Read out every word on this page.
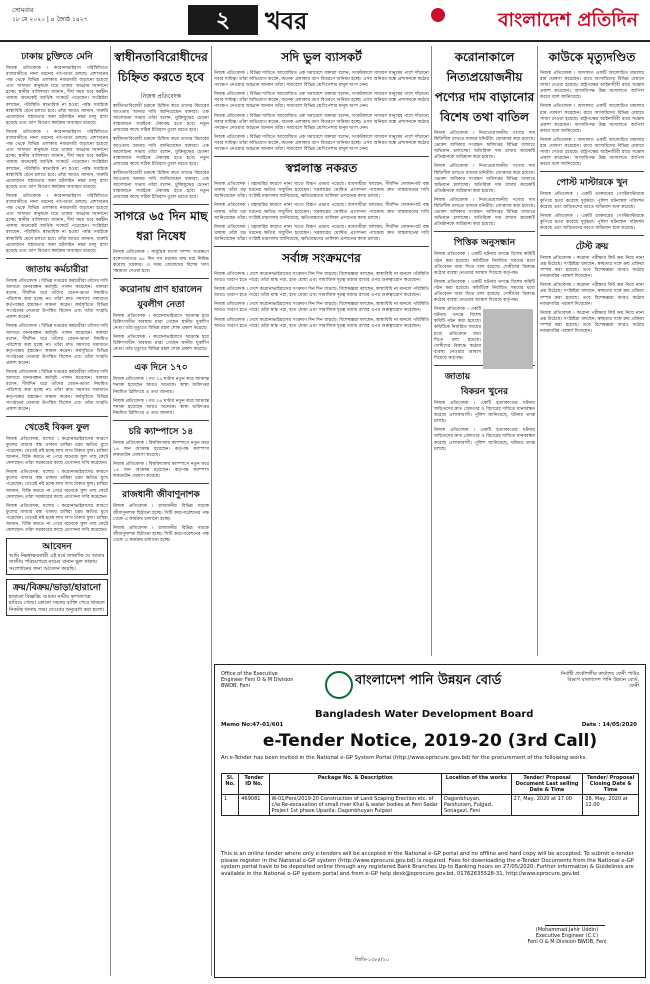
সোমবার
১৮ মে ২০২০ | ৪ জ্যৈষ্ঠ ১৪২৭	২	খবর	বাংলাদেশ প্রতিদিন
ঢাকায় চুক্তিতে মেনি

নিজস্ব প্রতিবেদক । করোনাভাইরাস পরিস্থিতিতে রাজধানীতে নানা ধরনের তৎপরতা চলছে। প্রশাসনের পক্ষ থেকে বিভিন্ন এলাকায় নজরদারি বাড়ানো হয়েছে এবং সাধারণ মানুষকে ঘরে থাকার আহ্বান জানানো হচ্ছে। স্থানীয় বাসিন্দারা জানান, দীর্ঘ সময় ধরে কর্মহীন থাকায় অনেকেই আর্থিক সংকটে পড়েছেন। সংশ্লিষ্টরা বলছেন, পরিস্থিতি স্বাভাবিক না হওয়া পর্যন্ত সবাইকে স্বাস্থ্যবিধি মেনে চলতে হবে। তাঁরা আরও জানান, জরুরি প্রয়োজনে সহায়তার জন্য হটলাইন নম্বর চালু রাখা হয়েছে এবং ত্রাণ বিতরণ কার্যক্রম অব্যাহত রয়েছে।

নিজস্ব প্রতিবেদক । করোনাভাইরাস পরিস্থিতিতে রাজধানীতে নানা ধরনের তৎপরতা চলছে। প্রশাসনের পক্ষ থেকে বিভিন্ন এলাকায় নজরদারি বাড়ানো হয়েছে এবং সাধারণ মানুষকে ঘরে থাকার আহ্বান জানানো হচ্ছে। স্থানীয় বাসিন্দারা জানান, দীর্ঘ সময় ধরে কর্মহীন থাকায় অনেকেই আর্থিক সংকটে পড়েছেন। সংশ্লিষ্টরা বলছেন, পরিস্থিতি স্বাভাবিক না হওয়া পর্যন্ত সবাইকে স্বাস্থ্যবিধি মেনে চলতে হবে। তাঁরা আরও জানান, জরুরি প্রয়োজনে সহায়তার জন্য হটলাইন নম্বর চালু রাখা হয়েছে এবং ত্রাণ বিতরণ কার্যক্রম অব্যাহত রয়েছে।

নিজস্ব প্রতিবেদক । করোনাভাইরাস পরিস্থিতিতে রাজধানীতে নানা ধরনের তৎপরতা চলছে। প্রশাসনের পক্ষ থেকে বিভিন্ন এলাকায় নজরদারি বাড়ানো হয়েছে এবং সাধারণ মানুষকে ঘরে থাকার আহ্বান জানানো হচ্ছে। স্থানীয় বাসিন্দারা জানান, দীর্ঘ সময় ধরে কর্মহীন থাকায় অনেকেই আর্থিক সংকটে পড়েছেন। সংশ্লিষ্টরা বলছেন, পরিস্থিতি স্বাভাবিক না হওয়া পর্যন্ত সবাইকে স্বাস্থ্যবিধি মেনে চলতে হবে। তাঁরা আরও জানান, জরুরি প্রয়োজনে সহায়তার জন্য হটলাইন নম্বর চালু রাখা হয়েছে এবং ত্রাণ বিতরণ কার্যক্রম অব্যাহত রয়েছে।

জাতায় কর্মচারীরা

নিজস্ব প্রতিবেদক । বিভিন্ন দপ্তরের কর্মচারীরা তাঁদের দাবি আদায়ে মানববন্ধন কর্মসূচি পালন করেছেন। বক্তারা বলেন, দীর্ঘদিন ধরে তাঁদের বেতন-ভাতা নিয়মিত পরিশোধ করা হচ্ছে না। তাঁরা দ্রুত সমস্যার সমাধানে কর্তৃপক্ষের হস্তক্ষেপ কামনা করেন। কর্মসূচিতে বিভিন্ন সংগঠনের নেতারা উপস্থিত ছিলেন এবং তাঁরা সংহতি প্রকাশ করেন।

নিজস্ব প্রতিবেদক । বিভিন্ন দপ্তরের কর্মচারীরা তাঁদের দাবি আদায়ে মানববন্ধন কর্মসূচি পালন করেছেন। বক্তারা বলেন, দীর্ঘদিন ধরে তাঁদের বেতন-ভাতা নিয়মিত পরিশোধ করা হচ্ছে না। তাঁরা দ্রুত সমস্যার সমাধানে কর্তৃপক্ষের হস্তক্ষেপ কামনা করেন। কর্মসূচিতে বিভিন্ন সংগঠনের নেতারা উপস্থিত ছিলেন এবং তাঁরা সংহতি প্রকাশ করেন।

নিজস্ব প্রতিবেদক । বিভিন্ন দপ্তরের কর্মচারীরা তাঁদের দাবি আদায়ে মানববন্ধন কর্মসূচি পালন করেছেন। বক্তারা বলেন, দীর্ঘদিন ধরে তাঁদের বেতন-ভাতা নিয়মিত পরিশোধ করা হচ্ছে না। তাঁরা দ্রুত সমস্যার সমাধানে কর্তৃপক্ষের হস্তক্ষেপ কামনা করেন। কর্মসূচিতে বিভিন্ন সংগঠনের নেতারা উপস্থিত ছিলেন এবং তাঁরা সংহতি প্রকাশ করেন।

খেতেই বিকল ফুল

নিজস্ব প্রতিবেদক, যশোর । করোনাভাইরাসের কারণে ফুলের বাজার বন্ধ থাকায় চাষিরা চরম ক্ষতির মুখে পড়েছেন। খেতেই নষ্ট হচ্ছে লাখ লাখ টাকার ফুল। চাষিরা জানান, বিক্রি করতে না পেরে অনেকে ফুল গাছ কেটে ফেলছেন। তাঁরা সরকারের কাছে প্রণোদনা দাবি করেছেন।

নিজস্ব প্রতিবেদক, যশোর । করোনাভাইরাসের কারণে ফুলের বাজার বন্ধ থাকায় চাষিরা চরম ক্ষতির মুখে পড়েছেন। খেতেই নষ্ট হচ্ছে লাখ লাখ টাকার ফুল। চাষিরা জানান, বিক্রি করতে না পেরে অনেকে ফুল গাছ কেটে ফেলছেন। তাঁরা সরকারের কাছে প্রণোদনা দাবি করেছেন।

নিজস্ব প্রতিবেদক, যশোর । করোনাভাইরাসের কারণে ফুলের বাজার বন্ধ থাকায় চাষিরা চরম ক্ষতির মুখে পড়েছেন। খেতেই নষ্ট হচ্ছে লাখ লাখ টাকার ফুল। চাষিরা জানান, বিক্রি করতে না পেরে অনেকে ফুল গাছ কেটে ফেলছেন। তাঁরা সরকারের কাছে প্রণোদনা দাবি করেছেন।

আবেদন
আমি নিম্নস্বাক্ষরকারী এই মর্মে জানাচ্ছি যে আমার জাতীয় পরিচয়পত্রে নামের বানান ভুল থাকায় সংশোধনের জন্য আবেদন করেছি।
ক্রয়/বিক্রয়/ভাড়া/হারানো
হারানো বিজ্ঞপ্তি: আমার নামীয় কাগজপত্র হারিয়ে গেছে। কোনো সহৃদয় ব্যক্তি পেয়ে থাকলে নিকটস্থ থানায় জমা দেওয়ার অনুরোধ করা হলো।
স্বাধীনতাবিরোধীদের চিহ্নিত করতে হবে
নিজস্ব প্রতিবেদক

স্বাধীনতাবিরোধী চক্রকে চিহ্নিত করে তাদের বিচারের আওতায় আনার দাবি জানিয়েছেন বক্তারা। এক আলোচনা সভায় তাঁরা বলেন, মুক্তিযুদ্ধের চেতনা বাস্তবায়নে সবাইকে ঐক্যবদ্ধ হতে হবে। নতুন প্রজন্মের কাছে সঠিক ইতিহাস তুলে ধরতে হবে।

স্বাধীনতাবিরোধী চক্রকে চিহ্নিত করে তাদের বিচারের আওতায় আনার দাবি জানিয়েছেন বক্তারা। এক আলোচনা সভায় তাঁরা বলেন, মুক্তিযুদ্ধের চেতনা বাস্তবায়নে সবাইকে ঐক্যবদ্ধ হতে হবে। নতুন প্রজন্মের কাছে সঠিক ইতিহাস তুলে ধরতে হবে।

স্বাধীনতাবিরোধী চক্রকে চিহ্নিত করে তাদের বিচারের আওতায় আনার দাবি জানিয়েছেন বক্তারা। এক আলোচনা সভায় তাঁরা বলেন, মুক্তিযুদ্ধের চেতনা বাস্তবায়নে সবাইকে ঐক্যবদ্ধ হতে হবে। নতুন প্রজন্মের কাছে সঠিক ইতিহাস তুলে ধরতে হবে।

সাগরে ৬৫ দিন মাছ ধরা নিষেধ

নিজস্ব প্রতিবেদক । সামুদ্রিক মৎস্য সম্পদ সংরক্ষণে বঙ্গোপসাগরে ৬৫ দিন সব ধরনের মাছ ধরা নিষিদ্ধ করেছে সরকার। এ সময় জেলেদের বিশেষ খাদ্য সহায়তা দেওয়া হবে।

করোনায় প্রাণ হারালেন যুবলীগ নেতা

নিজস্ব প্রতিবেদক । করোনাভাইরাসে আক্রান্ত হয়ে চিকিৎসাধীন অবস্থায় মারা গেছেন স্থানীয় যুবলীগ নেতা। তাঁর মৃত্যুতে বিভিন্ন মহল শোক প্রকাশ করেছে।

নিজস্ব প্রতিবেদক । করোনাভাইরাসে আক্রান্ত হয়ে চিকিৎসাধীন অবস্থায় মারা গেছেন স্থানীয় যুবলীগ নেতা। তাঁর মৃত্যুতে বিভিন্ন মহল শোক প্রকাশ করেছে।

এক দিনে ১৭০

নিজস্ব প্রতিবেদক । গত ২৪ ঘণ্টায় নতুন করে আক্রান্ত শনাক্ত হয়েছেন আরও অনেকে। স্বাস্থ্য অধিদপ্তর নিয়মিত ব্রিফিংয়ে এ তথ্য জানায়।

নিজস্ব প্রতিবেদক । গত ২৪ ঘণ্টায় নতুন করে আক্রান্ত শনাক্ত হয়েছেন আরও অনেকে। স্বাস্থ্য অধিদপ্তর নিয়মিত ব্রিফিংয়ে এ তথ্য জানায়।

চরি ক্যাম্পাসে ১৪

নিজস্ব প্রতিবেদক । বিশ্ববিদ্যালয় ক্যাম্পাসে নতুন করে ১৪ জন আক্রান্ত হয়েছেন। কর্তৃপক্ষ ক্যাম্পাস লকডাউন ঘোষণা করেছে।

নিজস্ব প্রতিবেদক । বিশ্ববিদ্যালয় ক্যাম্পাসে নতুন করে ১৪ জন আক্রান্ত হয়েছেন। কর্তৃপক্ষ ক্যাম্পাস লকডাউন ঘোষণা করেছে।

রাজধানী জীবাণুনাশক

নিজস্ব প্রতিবেদক । রাজধানীর বিভিন্ন সড়কে জীবাণুনাশক ছিটানো হচ্ছে। সিটি করপোরেশনের পক্ষ থেকে এ কার্যক্রম চালানো হচ্ছে।

নিজস্ব প্রতিবেদক । রাজধানীর বিভিন্ন সড়কে জীবাণুনাশক ছিটানো হচ্ছে। সিটি করপোরেশনের পক্ষ থেকে এ কার্যক্রম চালানো হচ্ছে।

সদি ভুল ব্যাসকর্ট

নিজস্ব প্রতিবেদক । বিভিন্ন দাবিতে আয়োজিত এক সমাবেশে বক্তারা বলেন, সংকটকালে সাধারণ মানুষের পাশে দাঁড়ানো সবার দায়িত্ব। তাঁরা অভিযোগ করেন, অনেক এলাকায় ত্রাণ বিতরণে অনিয়ম হচ্ছে। এসব অনিয়ম বন্ধে প্রশাসনকে কঠোর পদক্ষেপ নেওয়ার আহ্বান জানান তাঁরা। সমাবেশে বিভিন্ন শ্রেণিপেশার মানুষ অংশ নেন।

নিজস্ব প্রতিবেদক । বিভিন্ন দাবিতে আয়োজিত এক সমাবেশে বক্তারা বলেন, সংকটকালে সাধারণ মানুষের পাশে দাঁড়ানো সবার দায়িত্ব। তাঁরা অভিযোগ করেন, অনেক এলাকায় ত্রাণ বিতরণে অনিয়ম হচ্ছে। এসব অনিয়ম বন্ধে প্রশাসনকে কঠোর পদক্ষেপ নেওয়ার আহ্বান জানান তাঁরা। সমাবেশে বিভিন্ন শ্রেণিপেশার মানুষ অংশ নেন।

নিজস্ব প্রতিবেদক । বিভিন্ন দাবিতে আয়োজিত এক সমাবেশে বক্তারা বলেন, সংকটকালে সাধারণ মানুষের পাশে দাঁড়ানো সবার দায়িত্ব। তাঁরা অভিযোগ করেন, অনেক এলাকায় ত্রাণ বিতরণে অনিয়ম হচ্ছে। এসব অনিয়ম বন্ধে প্রশাসনকে কঠোর পদক্ষেপ নেওয়ার আহ্বান জানান তাঁরা। সমাবেশে বিভিন্ন শ্রেণিপেশার মানুষ অংশ নেন।

নিজস্ব প্রতিবেদক । বিভিন্ন দাবিতে আয়োজিত এক সমাবেশে বক্তারা বলেন, সংকটকালে সাধারণ মানুষের পাশে দাঁড়ানো সবার দায়িত্ব। তাঁরা অভিযোগ করেন, অনেক এলাকায় ত্রাণ বিতরণে অনিয়ম হচ্ছে। এসব অনিয়ম বন্ধে প্রশাসনকে কঠোর পদক্ষেপ নেওয়ার আহ্বান জানান তাঁরা। সমাবেশে বিভিন্ন শ্রেণিপেশার মানুষ অংশ নেন।

স্বপ্নলাস্ত নকরত

নিজস্ব প্রতিবেদক । মহামারির কারণে নানা খাতে বিরূপ প্রভাব পড়েছে। ব্যবসায়ীরা বলছেন, দীর্ঘদিন দোকানপাট বন্ধ থাকায় তাঁরা বড় ধরনের ক্ষতির সম্মুখীন হয়েছেন। সরকারের ঘোষিত প্রণোদনা প্যাকেজ দ্রুত বাস্তবায়নের দাবি জানিয়েছেন তাঁরা। সংশ্লিষ্ট মন্ত্রণালয় জানিয়েছে, ক্ষতিগ্রস্তদের তালিকা প্রণয়নের কাজ চলছে।

নিজস্ব প্রতিবেদক । মহামারির কারণে নানা খাতে বিরূপ প্রভাব পড়েছে। ব্যবসায়ীরা বলছেন, দীর্ঘদিন দোকানপাট বন্ধ থাকায় তাঁরা বড় ধরনের ক্ষতির সম্মুখীন হয়েছেন। সরকারের ঘোষিত প্রণোদনা প্যাকেজ দ্রুত বাস্তবায়নের দাবি জানিয়েছেন তাঁরা। সংশ্লিষ্ট মন্ত্রণালয় জানিয়েছে, ক্ষতিগ্রস্তদের তালিকা প্রণয়নের কাজ চলছে।

নিজস্ব প্রতিবেদক । মহামারির কারণে নানা খাতে বিরূপ প্রভাব পড়েছে। ব্যবসায়ীরা বলছেন, দীর্ঘদিন দোকানপাট বন্ধ থাকায় তাঁরা বড় ধরনের ক্ষতির সম্মুখীন হয়েছেন। সরকারের ঘোষিত প্রণোদনা প্যাকেজ দ্রুত বাস্তবায়নের দাবি জানিয়েছেন তাঁরা। সংশ্লিষ্ট মন্ত্রণালয় জানিয়েছে, ক্ষতিগ্রস্তদের তালিকা প্রণয়নের কাজ চলছে।

সর্বাঙ্গ সংক্রমণের

নিজস্ব প্রতিবেদক । দেশে করোনাভাইরাসের সংক্রমণ দিন দিন বাড়ছে। বিশেষজ্ঞরা বলছেন, স্বাস্থ্যবিধি না মানলে পরিস্থিতি আরও খারাপ হতে পারে। তাঁরা মাস্ক পরা, হাত ধোয়া এবং সামাজিক দূরত্ব বজায় রাখার ওপর গুরুত্বারোপ করেছেন।

নিজস্ব প্রতিবেদক । দেশে করোনাভাইরাসের সংক্রমণ দিন দিন বাড়ছে। বিশেষজ্ঞরা বলছেন, স্বাস্থ্যবিধি না মানলে পরিস্থিতি আরও খারাপ হতে পারে। তাঁরা মাস্ক পরা, হাত ধোয়া এবং সামাজিক দূরত্ব বজায় রাখার ওপর গুরুত্বারোপ করেছেন।

নিজস্ব প্রতিবেদক । দেশে করোনাভাইরাসের সংক্রমণ দিন দিন বাড়ছে। বিশেষজ্ঞরা বলছেন, স্বাস্থ্যবিধি না মানলে পরিস্থিতি আরও খারাপ হতে পারে। তাঁরা মাস্ক পরা, হাত ধোয়া এবং সামাজিক দূরত্ব বজায় রাখার ওপর গুরুত্বারোপ করেছেন।

নিজস্ব প্রতিবেদক । দেশে করোনাভাইরাসের সংক্রমণ দিন দিন বাড়ছে। বিশেষজ্ঞরা বলছেন, স্বাস্থ্যবিধি না মানলে পরিস্থিতি আরও খারাপ হতে পারে। তাঁরা মাস্ক পরা, হাত ধোয়া এবং সামাজিক দূরত্ব বজায় রাখার ওপর গুরুত্বারোপ করেছেন।

করোনাকালে নিত্যপ্রয়োজনীয় পণ্যের দাম বাড়ানোর বিশেষ তথা বাতিল

নিজস্ব প্রতিবেদক । নিত্যপ্রয়োজনীয় পণ্যের দাম স্থিতিশীল রাখতে বাজার মনিটরিং জোরদার করা হয়েছে। ভোক্তা অধিকার সংরক্ষণ অধিদপ্তর বিভিন্ন বাজারে অভিযান চালাচ্ছে। অতিরিক্ত দাম রাখায় কয়েকটি প্রতিষ্ঠানকে জরিমানা করা হয়েছে।

নিজস্ব প্রতিবেদক । নিত্যপ্রয়োজনীয় পণ্যের দাম স্থিতিশীল রাখতে বাজার মনিটরিং জোরদার করা হয়েছে। ভোক্তা অধিকার সংরক্ষণ অধিদপ্তর বিভিন্ন বাজারে অভিযান চালাচ্ছে। অতিরিক্ত দাম রাখায় কয়েকটি প্রতিষ্ঠানকে জরিমানা করা হয়েছে।

নিজস্ব প্রতিবেদক । নিত্যপ্রয়োজনীয় পণ্যের দাম স্থিতিশীল রাখতে বাজার মনিটরিং জোরদার করা হয়েছে। ভোক্তা অধিকার সংরক্ষণ অধিদপ্তর বিভিন্ন বাজারে অভিযান চালাচ্ছে। অতিরিক্ত দাম রাখায় কয়েকটি প্রতিষ্ঠানকে জরিমানা করা হয়েছে।

পিত্তিক অনুসন্ধান

নিজস্ব প্রতিবেদক । একটি ঘটনার তদন্তে বিশেষ কমিটি গঠন করা হয়েছে। কমিটিকে নির্ধারিত সময়ের মধ্যে প্রতিবেদন জমা দিতে বলা হয়েছে। দোষীদের বিরুদ্ধে কঠোর ব্যবস্থা নেওয়ার আশ্বাস দিয়েছে কর্তৃপক্ষ।

নিজস্ব প্রতিবেদক । একটি ঘটনার তদন্তে বিশেষ কমিটি গঠন করা হয়েছে। কমিটিকে নির্ধারিত সময়ের মধ্যে প্রতিবেদন জমা দিতে বলা হয়েছে। দোষীদের বিরুদ্ধে কঠোর ব্যবস্থা নেওয়ার আশ্বাস দিয়েছে কর্তৃপক্ষ।

নিজস্ব প্রতিবেদক । একটি ঘটনার তদন্তে বিশেষ কমিটি গঠন করা হয়েছে। কমিটিকে নির্ধারিত সময়ের মধ্যে প্রতিবেদন জমা দিতে বলা হয়েছে। দোষীদের বিরুদ্ধে কঠোর ব্যবস্থা নেওয়ার আশ্বাস দিয়েছে কর্তৃপক্ষ।

জাতায় বিকরন খুনের

নিজস্ব প্রতিবেদক । একটি হত্যাকাণ্ডের ঘটনায় জড়িতদের দ্রুত গ্রেফতার ও বিচারের দাবিতে মানববন্ধন করেছে এলাকাবাসী। পুলিশ জানিয়েছে, ঘটনার তদন্ত চলছে।

নিজস্ব প্রতিবেদক । একটি হত্যাকাণ্ডের ঘটনায় জড়িতদের দ্রুত গ্রেফতার ও বিচারের দাবিতে মানববন্ধন করেছে এলাকাবাসী। পুলিশ জানিয়েছে, ঘটনার তদন্ত চলছে।

কাউকে মৃত্যুদণ্ডিত

নিজস্ব প্রতিবেদক । আদালত একটি আলোচিত মামলার রায় ঘোষণা করেছেন। রায়ে আসামিদের বিভিন্ন মেয়াদে সাজা দেওয়া হয়েছে। রাষ্ট্রপক্ষের আইনজীবী রায়ে সন্তোষ প্রকাশ করেছেন। আসামিপক্ষ উচ্চ আদালতে আপিল করবে বলে জানিয়েছে।

নিজস্ব প্রতিবেদক । আদালত একটি আলোচিত মামলার রায় ঘোষণা করেছেন। রায়ে আসামিদের বিভিন্ন মেয়াদে সাজা দেওয়া হয়েছে। রাষ্ট্রপক্ষের আইনজীবী রায়ে সন্তোষ প্রকাশ করেছেন। আসামিপক্ষ উচ্চ আদালতে আপিল করবে বলে জানিয়েছে।

নিজস্ব প্রতিবেদক । আদালত একটি আলোচিত মামলার রায় ঘোষণা করেছেন। রায়ে আসামিদের বিভিন্ন মেয়াদে সাজা দেওয়া হয়েছে। রাষ্ট্রপক্ষের আইনজীবী রায়ে সন্তোষ প্রকাশ করেছেন। আসামিপক্ষ উচ্চ আদালতে আপিল করবে বলে জানিয়েছে।

পোস্ট মাস্টারকে খুন

নিজস্ব প্রতিবেদক । একটি ডাকঘরের পোস্টমাস্টারকে কুপিয়ে হত্যা করেছে দুর্বৃত্তরা। পুলিশ ঘটনাস্থল পরিদর্শন করেছে এবং জড়িতদের ধরতে অভিযান শুরু করেছে।

নিজস্ব প্রতিবেদক । একটি ডাকঘরের পোস্টমাস্টারকে কুপিয়ে হত্যা করেছে দুর্বৃত্তরা। পুলিশ ঘটনাস্থল পরিদর্শন করেছে এবং জড়িতদের ধরতে অভিযান শুরু করেছে।

টেস্ট ক্রয়

নিজস্ব প্রতিবেদক । করোনা পরীক্ষার কিট ক্রয় নিয়ে নানা প্রশ্ন উঠেছে। সংশ্লিষ্টরা বলছেন, স্বচ্ছতার সঙ্গে ক্রয় প্রক্রিয়া সম্পন্ন করা হয়েছে। তবে বিশেষজ্ঞরা আরও কঠোর নজরদারির পরামর্শ দিয়েছেন।

নিজস্ব প্রতিবেদক । করোনা পরীক্ষার কিট ক্রয় নিয়ে নানা প্রশ্ন উঠেছে। সংশ্লিষ্টরা বলছেন, স্বচ্ছতার সঙ্গে ক্রয় প্রক্রিয়া সম্পন্ন করা হয়েছে। তবে বিশেষজ্ঞরা আরও কঠোর নজরদারির পরামর্শ দিয়েছেন।

নিজস্ব প্রতিবেদক । করোনা পরীক্ষার কিট ক্রয় নিয়ে নানা প্রশ্ন উঠেছে। সংশ্লিষ্টরা বলছেন, স্বচ্ছতার সঙ্গে ক্রয় প্রক্রিয়া সম্পন্ন করা হয়েছে। তবে বিশেষজ্ঞরা আরও কঠোর নজরদারির পরামর্শ দিয়েছেন।

Office of the Executive Engineer Feni O & M Division BWDB, Feni	বাংলাদেশ পানি উন্নয়ন বোর্ড	নির্বাহী প্রকৌশলীর কার্যালয় ফেনী পাউর বিভাগ বাংলাদেশ পানি উন্নয়ন বোর্ড, ফেনী
Bangladesh Water Development Board
Memo No:47-01/601	Date : 14/05/2020
e-Tender Notice, 2019-20 (3rd Call)
An e-Tender has been invited in the National e-GP System Portal (http://www.eprocure.gov.bd) for the procurement of the following works.
Sl. No.	Tender ID No.	Package No. & Description	Location of the works	Tender/ Proposal Document Last selling Date & Time	Tender/ Proposal Closing Date & Time
1	469081	W-01/Feni/2019-20 Construction of Land Scaping Erection etc. of c/w Re-excavation of small river Khal & water bodies at Feni Sadar Project 1st phase Upazila: Dagonbhuyan Fulgazi	Dagonbhuyan, Parshuram, Fulgazi, Sonagazi, Feni	27, May, 2020 at 17.00	28, May, 2020 at 12.00
This is an online tender where only e-tenders will be accepted in the National e-GP portal and no offline and hard copy will be accepted. To submit e-tender please register in the National e-GP system (http://www.eprocure.gov.bd) is required. Fees for downloading the e-Tender Documents from the National e-GP system portal have to be deposited online through any registered Bank Branches Up-to Banking hours on 27/05/2020. Further information & Guidelines are available in the National e-GP system portal and from e-GP help desk@eprocure.gov.bd, 01762635528-31, http://www.eprocure.gov.bd
(Mohammad Jahir Uddin)
Executive Engineer (C.C)
Feni O & M Division BWDB, Feni
জিডি-১৩৮৫/২০
